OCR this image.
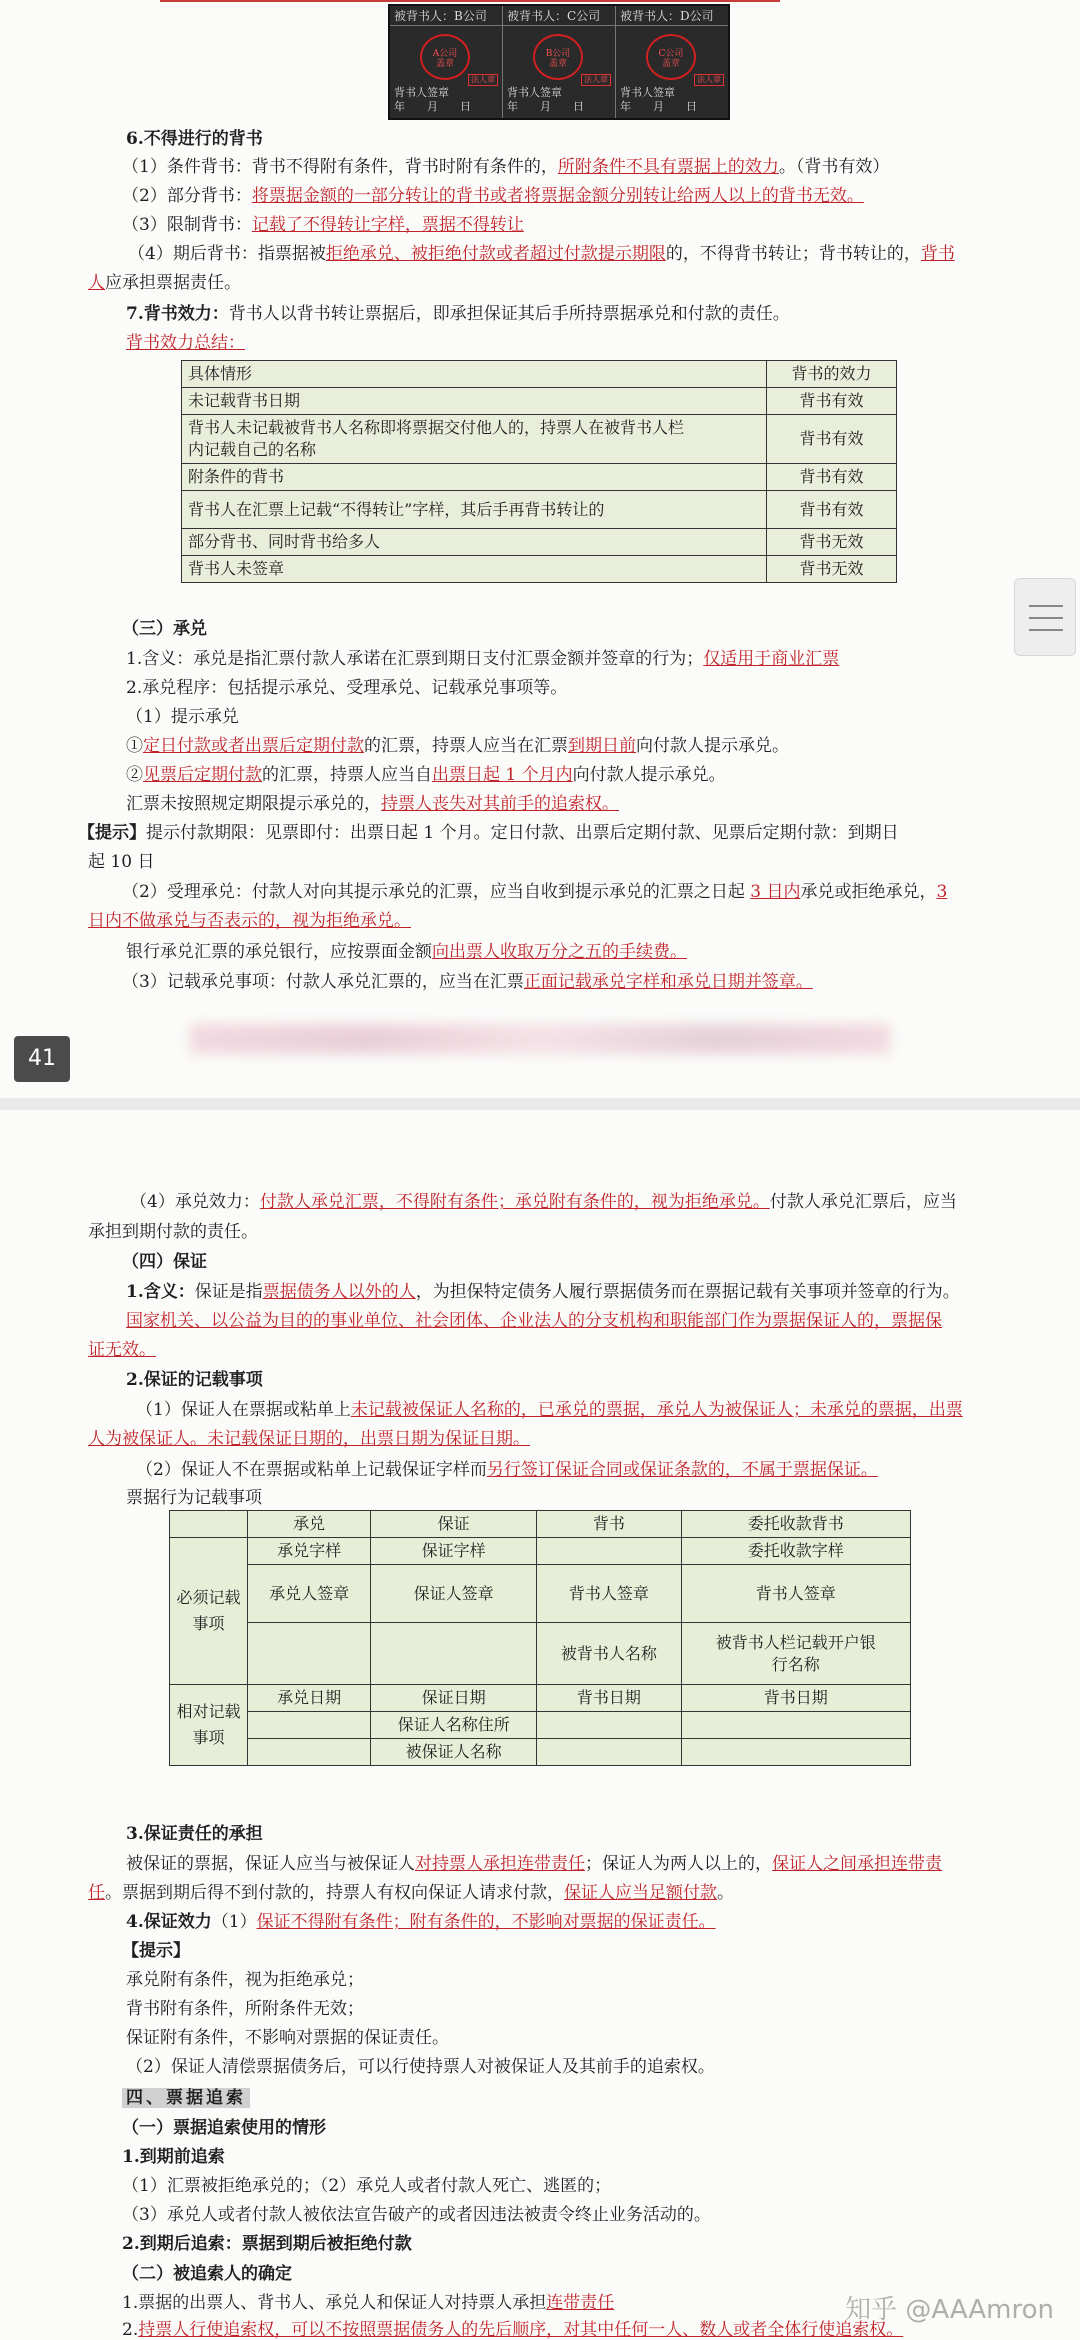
被背书人：B公司
A公司
盖章
法人章
背书人签章
年　　月　　日
被背书人：C公司
B公司
盖章
法人章
背书人签章
年　　月　　日
被背书人：D公司
C公司
盖章
法人章
背书人签章
年　　月　　日
6.不得进行的背书
（1）条件背书：背书不得附有条件，背书时附有条件的，所附条件不具有票据上的效力。（背书有效）
（2）部分背书：将票据金额的一部分转让的背书或者将票据金额分别转让给两人以上的背书无效。
（3）限制背书：记载了不得转让字样，票据不得转让
（4）期后背书：指票据被拒绝承兑、被拒绝付款或者超过付款提示期限的，不得背书转让；背书转让的，背书
人应承担票据责任。
7.背书效力：背书人以背书转让票据后，即承担保证其后手所持票据承兑和付款的责任。
背书效力总结：
具体情形	背书的效力
未记载背书日期	背书有效
背书人未记载被背书人名称即将票据交付他人的，持票人在被背书人栏
内记载自己的名称	背书有效
附条件的背书	背书有效
背书人在汇票上记载“不得转让”字样，其后手再背书转让的	背书有效
部分背书、同时背书给多人	背书无效
背书人未签章	背书无效
（三）承兑
1.含义：承兑是指汇票付款人承诺在汇票到期日支付汇票金额并签章的行为；仅适用于商业汇票
2.承兑程序：包括提示承兑、受理承兑、记载承兑事项等。
（1）提示承兑
①定日付款或者出票后定期付款的汇票，持票人应当在汇票到期日前向付款人提示承兑。
②见票后定期付款的汇票，持票人应当自出票日起 1 个月内向付款人提示承兑。
汇票未按照规定期限提示承兑的，持票人丧失对其前手的追索权。
【提示】提示付款期限：见票即付：出票日起 1 个月。定日付款、出票后定期付款、见票后定期付款：到期日
起 10 日
（2）受理承兑：付款人对向其提示承兑的汇票，应当自收到提示承兑的汇票之日起 3 日内承兑或拒绝承兑，3
日内不做承兑与否表示的，视为拒绝承兑。
银行承兑汇票的承兑银行，应按票面金额向出票人收取万分之五的手续费。
（3）记载承兑事项：付款人承兑汇票的，应当在汇票正面记载承兑字样和承兑日期并签章。
41
（4）承兑效力：付款人承兑汇票，不得附有条件；承兑附有条件的，视为拒绝承兑。付款人承兑汇票后，应当
承担到期付款的责任。
（四）保证
1.含义：保证是指票据债务人以外的人，为担保特定债务人履行票据债务而在票据记载有关事项并签章的行为。
国家机关、以公益为目的的事业单位、社会团体、企业法人的分支机构和职能部门作为票据保证人的，票据保
证无效。
2.保证的记载事项
（1）保证人在票据或粘单上未记载被保证人名称的，已承兑的票据，承兑人为被保证人；未承兑的票据，出票
人为被保证人。未记载保证日期的，出票日期为保证日期。
（2）保证人不在票据或粘单上记载保证字样而另行签订保证合同或保证条款的，不属于票据保证。
票据行为记载事项
	承兑	保证	背书	委托收款背书
必须记载事项	承兑字样	保证字样		委托收款字样
	承兑人签章	保证人签章	背书人签章	背书人签章
			被背书人名称	被背书人栏记载开户银
行名称
相对记载事项	承兑日期	保证日期	背书日期	背书日期
		保证人名称住所		
		被保证人名称		
3.保证责任的承担
被保证的票据，保证人应当与被保证人对持票人承担连带责任；保证人为两人以上的，保证人之间承担连带责
任。票据到期后得不到付款的，持票人有权向保证人请求付款，保证人应当足额付款。
4.保证效力（1）保证不得附有条件；附有条件的，不影响对票据的保证责任。
【提示】
承兑附有条件，视为拒绝承兑；
背书附有条件，所附条件无效；
保证附有条件，不影响对票据的保证责任。
（2）保证人清偿票据债务后，可以行使持票人对被保证人及其前手的追索权。
四、票据追索
（一）票据追索使用的情形
1.到期前追索
（1）汇票被拒绝承兑的；（2）承兑人或者付款人死亡、逃匿的；
（3）承兑人或者付款人被依法宣告破产的或者因违法被责令终止业务活动的。
2.到期后追索：票据到期后被拒绝付款
（二）被追索人的确定
1.票据的出票人、背书人、承兑人和保证人对持票人承担连带责任
2.持票人行使追索权，可以不按照票据债务人的先后顺序，对其中任何一人、数人或者全体行使追索权。
知乎 @AAAmron
